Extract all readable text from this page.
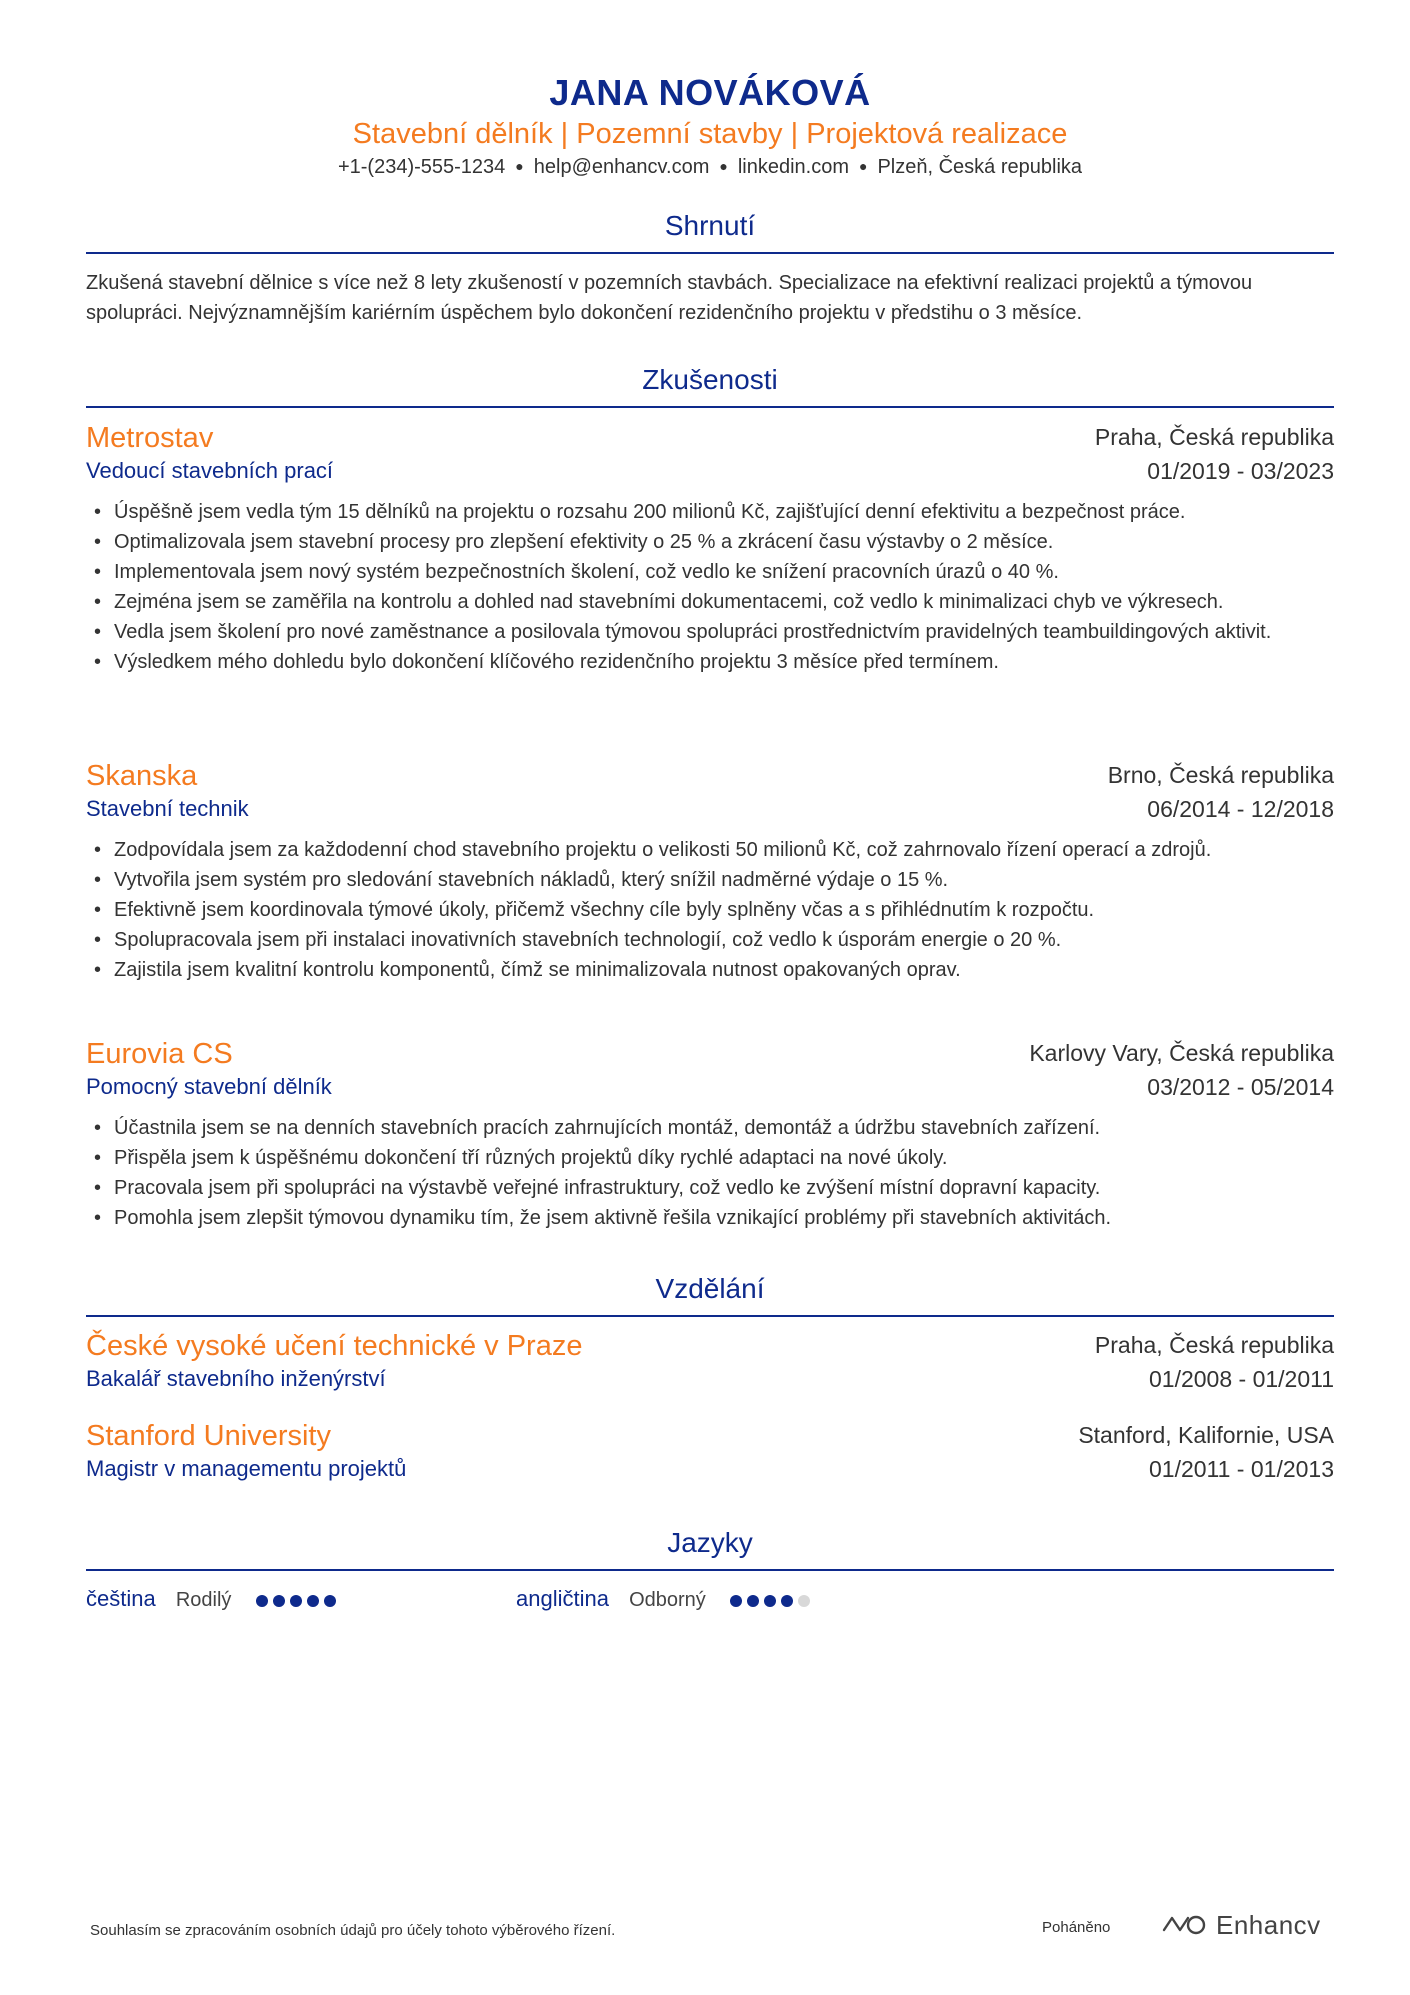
JANA NOVÁKOVÁ
Stavební dělník | Pozemní stavby | Projektová realizace
+1-(234)-555-1234 ● help@enhancv.com ● linkedin.com ● Plzeň, Česká republika
Shrnutí
Zkušená stavební dělnice s více než 8 lety zkušeností v pozemních stavbách. Specializace na efektivní realizaci projektů a týmovou spolupráci. Nejvýznamnějším kariérním úspěchem bylo dokončení rezidenčního projektu v předstihu o 3 měsíce.
Zkušenosti
Metrostav	Praha, Česká republika
Vedoucí stavebních prací	01/2019 - 03/2023
• Úspěšně jsem vedla tým 15 dělníků na projektu o rozsahu 200 milionů Kč, zajišťující denní efektivitu a bezpečnost práce.
• Optimalizovala jsem stavební procesy pro zlepšení efektivity o 25 % a zkrácení času výstavby o 2 měsíce.
• Implementovala jsem nový systém bezpečnostních školení, což vedlo ke snížení pracovních úrazů o 40 %.
• Zejména jsem se zaměřila na kontrolu a dohled nad stavebními dokumentacemi, což vedlo k minimalizaci chyb ve výkresech.
• Vedla jsem školení pro nové zaměstnance a posilovala týmovou spolupráci prostřednictvím pravidelných teambuildingových aktivit.
• Výsledkem mého dohledu bylo dokončení klíčového rezidenčního projektu 3 měsíce před termínem.
Skanska	Brno, Česká republika
Stavební technik	06/2014 - 12/2018
• Zodpovídala jsem za každodenní chod stavebního projektu o velikosti 50 milionů Kč, což zahrnovalo řízení operací a zdrojů.
• Vytvořila jsem systém pro sledování stavebních nákladů, který snížil nadměrné výdaje o 15 %.
• Efektivně jsem koordinovala týmové úkoly, přičemž všechny cíle byly splněny včas a s přihlédnutím k rozpočtu.
• Spolupracovala jsem při instalaci inovativních stavebních technologií, což vedlo k úsporám energie o 20 %.
• Zajistila jsem kvalitní kontrolu komponentů, čímž se minimalizovala nutnost opakovaných oprav.
Eurovia CS	Karlovy Vary, Česká republika
Pomocný stavební dělník	03/2012 - 05/2014
• Účastnila jsem se na denních stavebních pracích zahrnujících montáž, demontáž a údržbu stavebních zařízení.
• Přispěla jsem k úspěšnému dokončení tří různých projektů díky rychlé adaptaci na nové úkoly.
• Pracovala jsem při spolupráci na výstavbě veřejné infrastruktury, což vedlo ke zvýšení místní dopravní kapacity.
• Pomohla jsem zlepšit týmovou dynamiku tím, že jsem aktivně řešila vznikající problémy při stavebních aktivitách.
Vzdělání
České vysoké učení technické v Praze	Praha, Česká republika
Bakalář stavebního inženýrství	01/2008 - 01/2011
Stanford University	Stanford, Kalifornie, USA
Magistr v managementu projektů	01/2011 - 01/2013
Jazyky
čeština Rodilý	angličtina Odborný
Souhlasím se zpracováním osobních údajů pro účely tohoto výběrového řízení.	Poháněno	Enhancv
